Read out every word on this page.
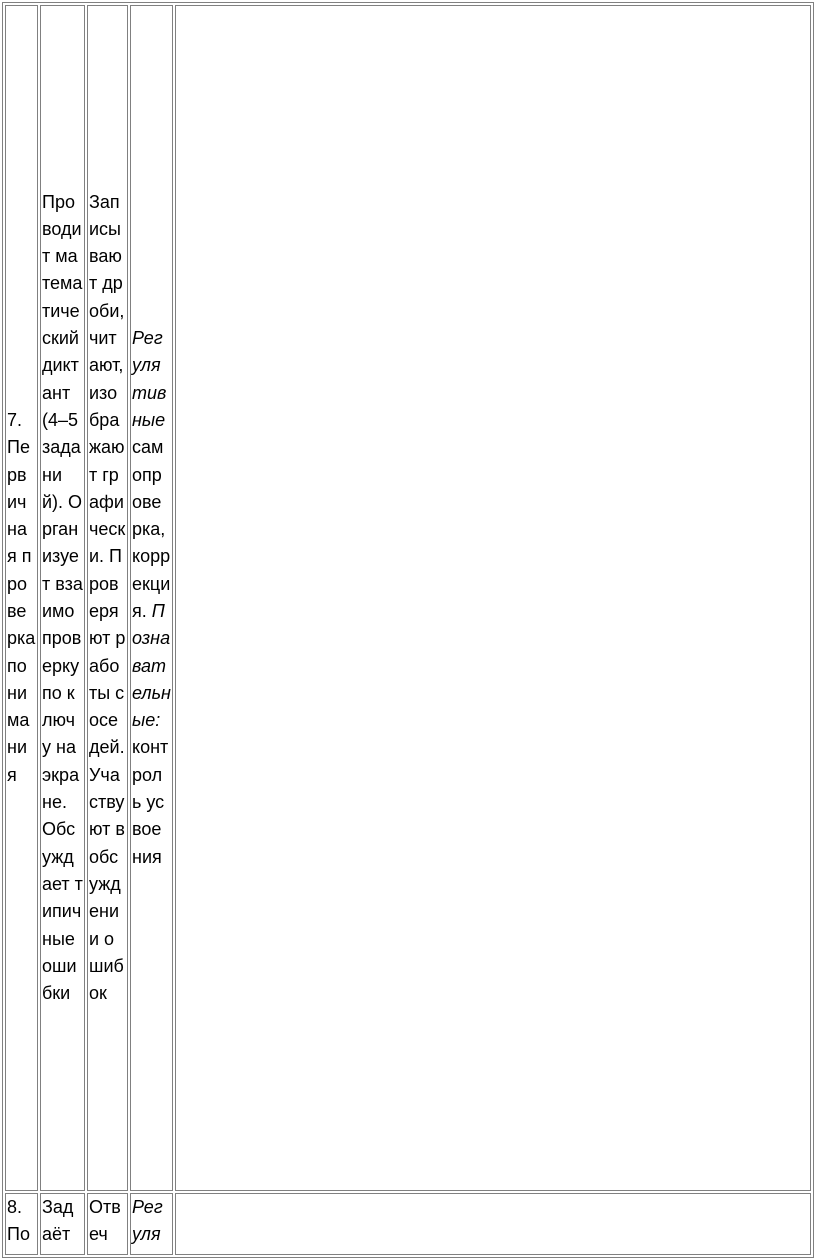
7. Первичная проверка понимания	Проводит математический диктант (4–5 заданий). Организует взаимопроверку по ключу на экране. Обсуждает типичные ошибки	Записывают дроби, читают, изображают графически. Проверяют работы соседей. Участвуют в обсуждении ошибок	Регулятивные самопроверка, коррекция. Познавательные: контроль усвоения	
8. По	Задаёт	Отвеч	Регуля	
